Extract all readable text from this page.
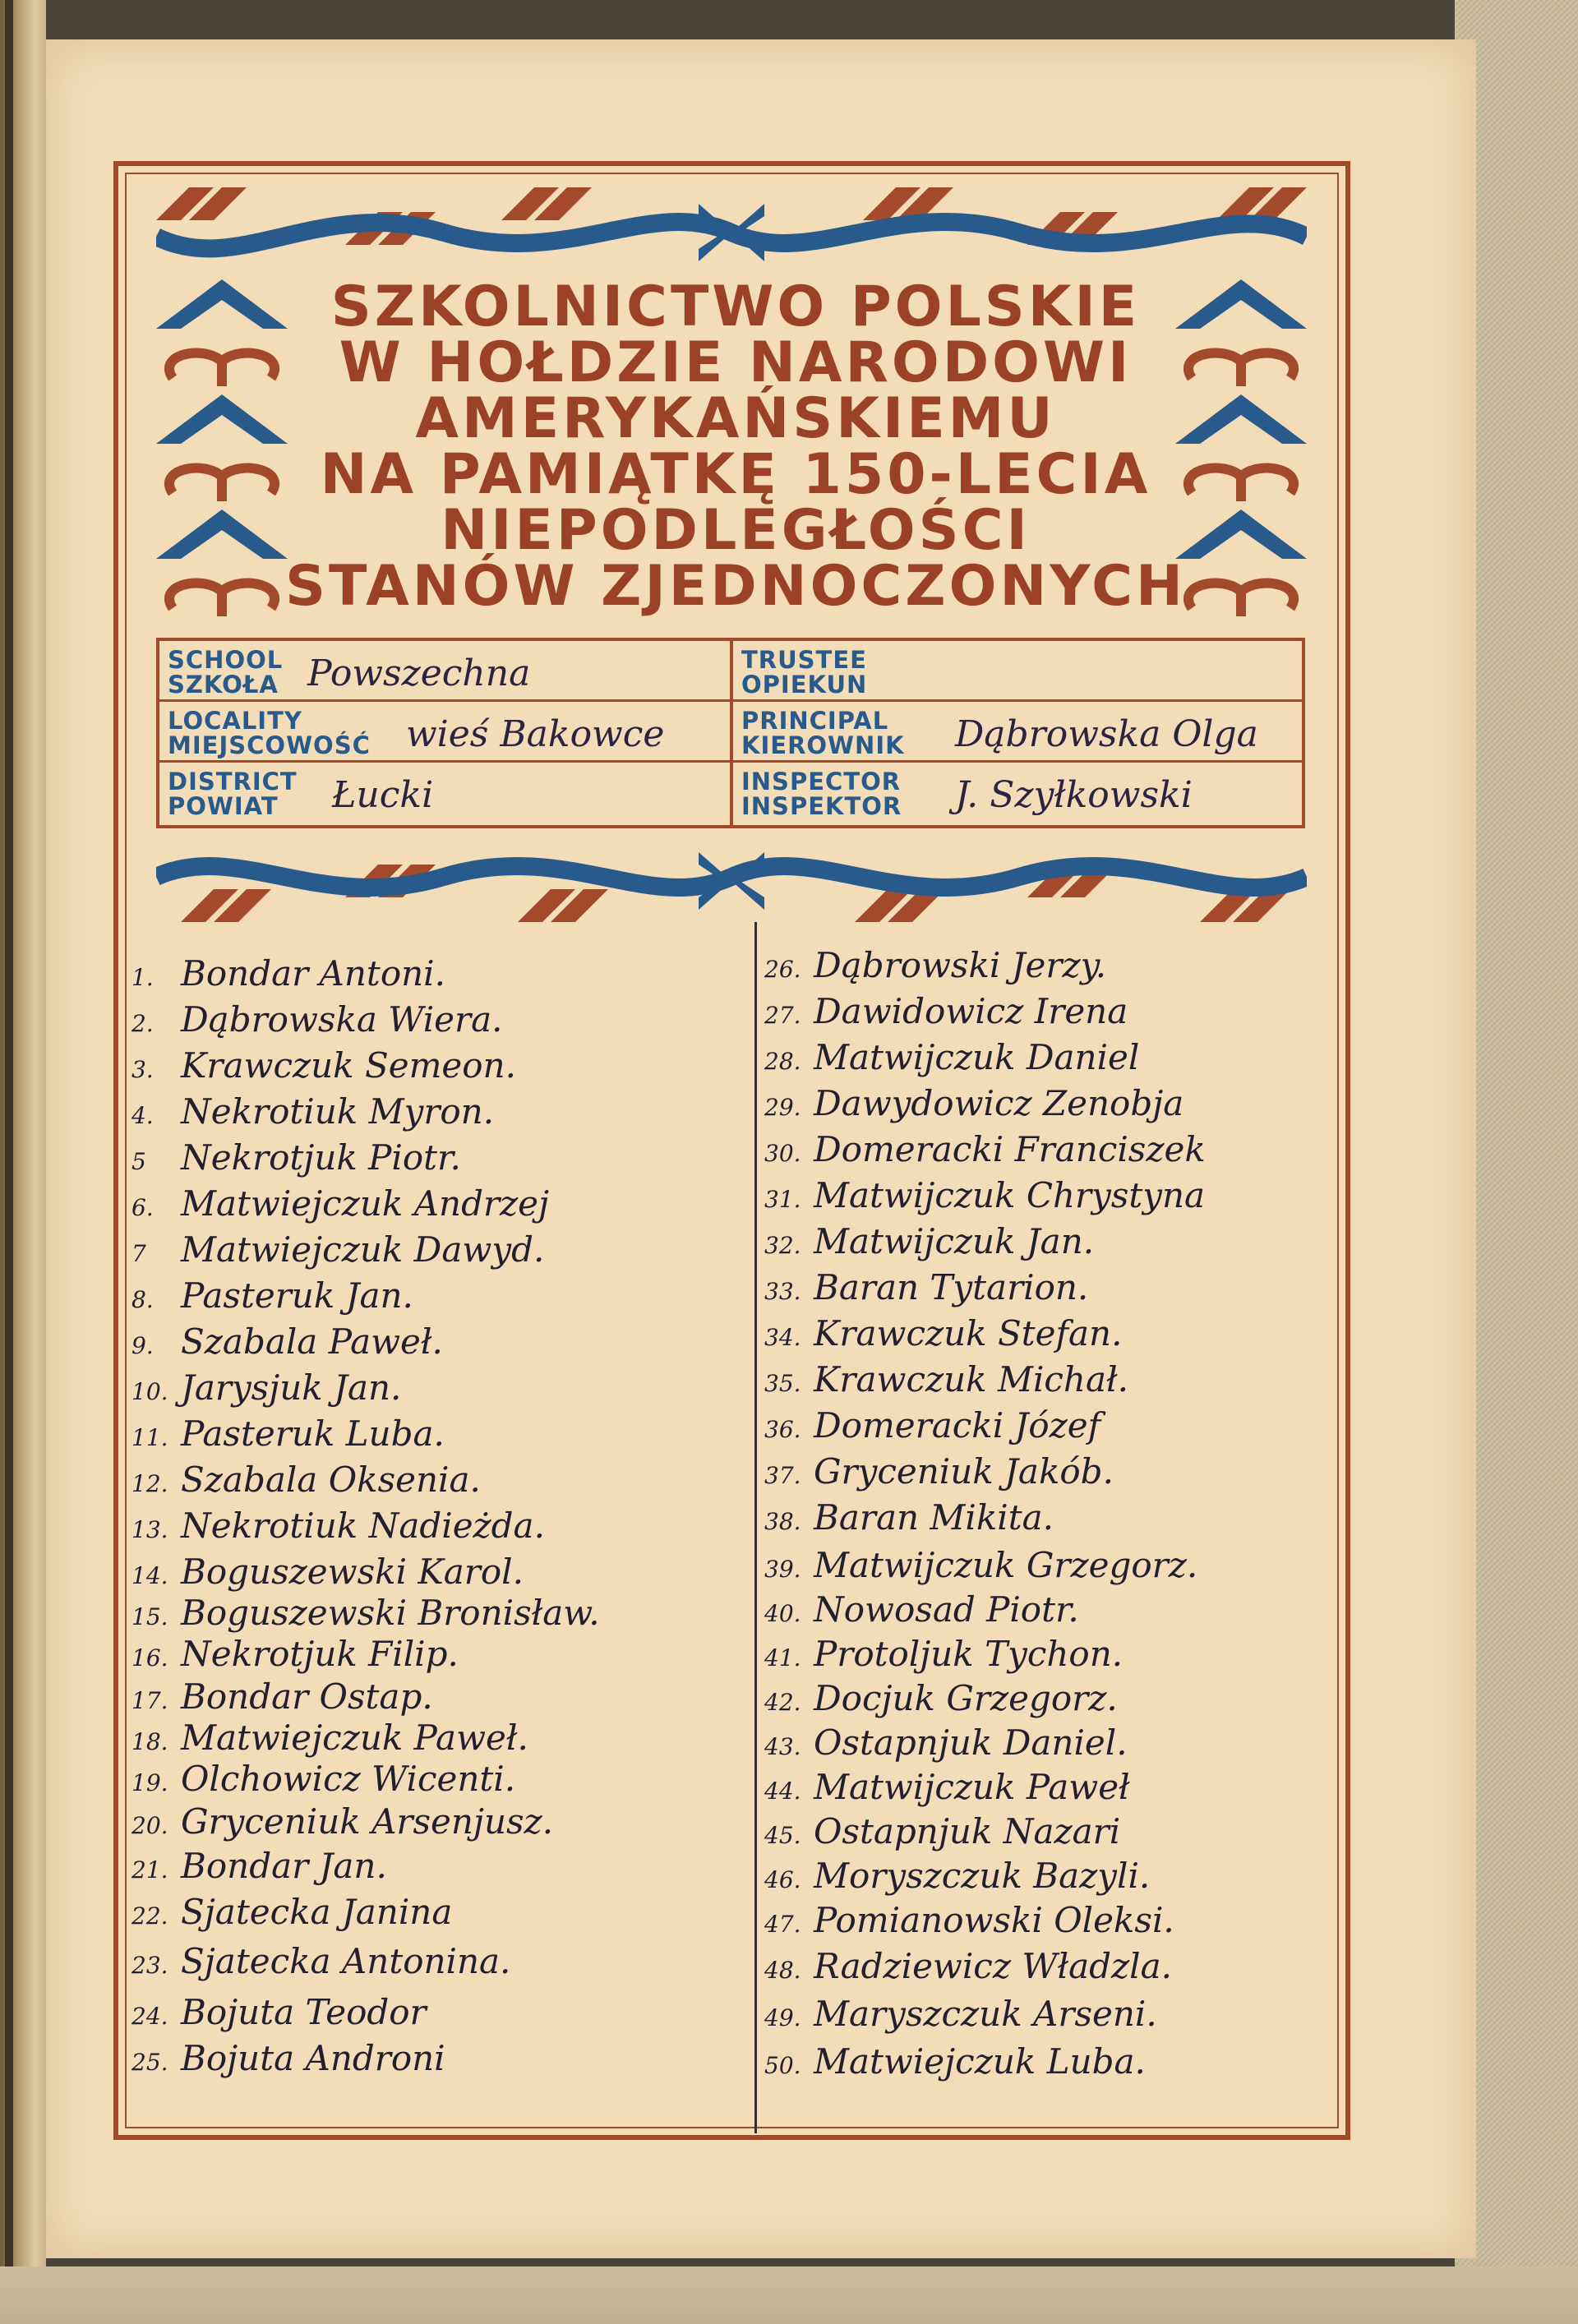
SZKOLNICTWO POLSKIE
W HOŁDZIE NARODOWI
AMERYKAŃSKIEMU
NA PAMIĄTKĘ 150-LECIA
NIEPODLEGŁOŚCI
STANÓW ZJEDNOCZONYCH
SCHOOL
SZKOŁA Powszechna
LOCALITY
MIEJSCOWOŚĆ wieś Bakowce
DISTRICT
POWIAT	Łucki
TRUSTEE
OPIEKUN
PRINCIPAL
KIEROWNIK Dąbrowska Olga
INSPECTOR
INSPEKTOR J. Szyłkowski
1. Bondar Antoni.
2. Dąbrowska Wiera.
3. Krawczuk Semeon.
4. Nekrotiuk Myron.
5 Nekrotjuk Piotr.
6. Matwiejczuk Andrzej
7 Matwiejczuk Dawyd.
8. Pasteruk Jan.
9. Szabala Paweł.
10. Jarysjuk Jan.
11. Pasteruk Luba.
12. Szabala Oksenia.
13. Nekrotiuk Nadieżda.
14. Boguszewski Karol.
15. Boguszewski Bronisław.
16. Nekrotjuk Filip.
17. Bondar Ostap.
18. Matwiejczuk Paweł.
19. Olchowicz Wicenti.
20. Gryceniuk Arsenjusz.
21. Bondar Jan.
22. Sjatecka Janina
23. Sjatecka Antonina.
24. Bojuta Teodor
25. Bojuta Androni
26. Dąbrowski Jerzy.
27. Dawidowicz Irena
28. Matwijczuk Daniel
29. Dawydowicz Zenobja
30. Domeracki Franciszek
31. Matwijczuk Chrystyna
32. Matwijczuk Jan.
33. Baran Tytarion.
34. Krawczuk Stefan.
35. Krawczuk Michał.
36. Domeracki Józef
37. Gryceniuk Jakób.
38. Baran Mikita.
39. Matwijczuk Grzegorz.
40. Nowosad Piotr.
41. Protoljuk Tychon.
42. Docjuk Grzegorz.
43. Ostapnjuk Daniel.
44. Matwijczuk Paweł
45. Ostapnjuk Nazari
46. Moryszczuk Bazyli.
47. Pomianowski Oleksi.
48. Radziewicz Władzla.
49. Maryszczuk Arseni.
50. Matwiejczuk Luba.
